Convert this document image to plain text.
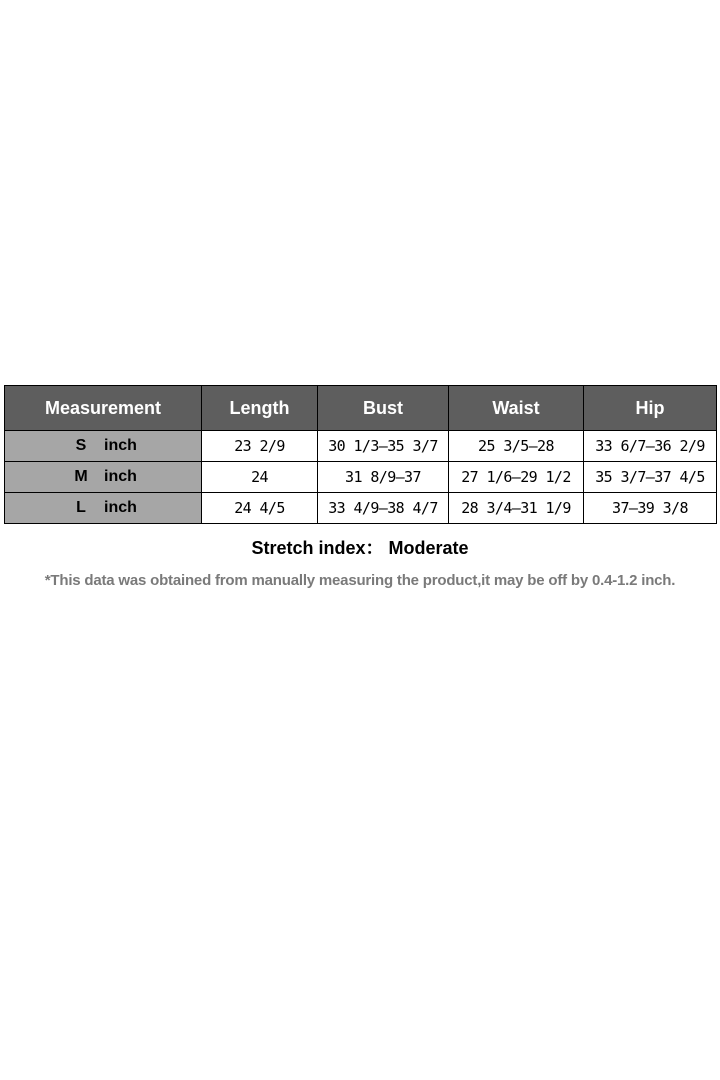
Measurement	Length	Bust	Waist	Hip
S inch	23 2/9	30 1/3—35 3/7	25 3/5—28	33 6/7—36 2/9
M inch	24	31 8/9—37	27 1/6—29 1/2	35 3/7—37 4/5
L inch	24 4/5	33 4/9—38 4/7	28 3/4—31 1/9	37—39 3/8
Stretch index： Moderate
*This data was obtained from manually measuring the product,it may be off by 0.4-1.2 inch.
